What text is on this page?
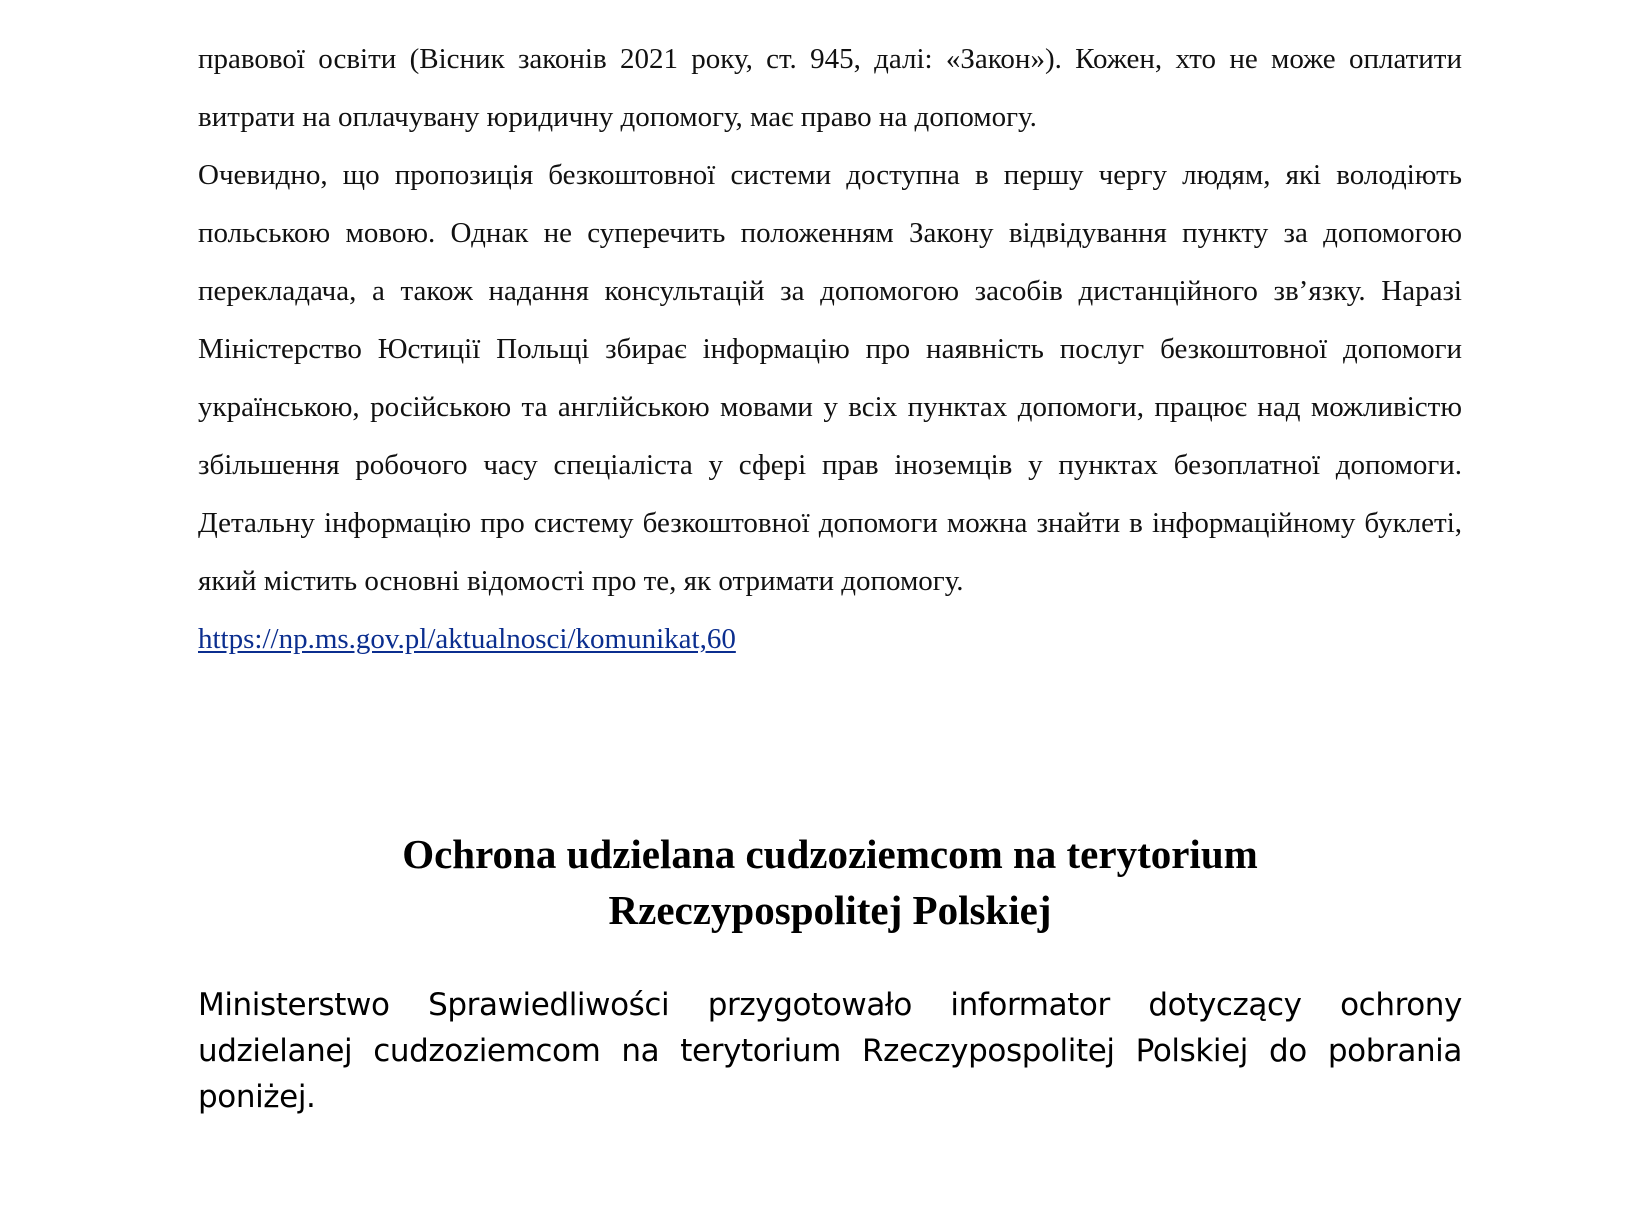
правової освіти (Вісник законів 2021 року, ст. 945, далі: «Закон»). Кожен, хто не може оплатити витрати на оплачувану юридичну допомогу, має право на допомогу.

Очевидно, що пропозиція безкоштовної системи доступна в першу чергу людям, які володіють польською мовою. Однак не суперечить положенням Закону відвідування пункту за допомогою перекладача, а також надання консультацій за допомогою засобів дистанційного зв’язку. Наразі Міністерство Юстиції Польщі збирає інформацію про наявність послуг безкоштовної допомоги українською, російською та англійською мовами у всіх пунктах допомоги, працює над можливістю збільшення робочого часу спеціаліста у сфері прав іноземців у пунктах безоплатної допомоги. Детальну інформацію про систему безкоштовної допомоги можна знайти в інформаційному буклеті, який містить основні відомості про те, як отримати допомогу.

https://np.ms.gov.pl/aktualnosci/komunikat,60

Ochrona udzielana cudzoziemcom na terytorium
Rzeczypospolitej Polskiej

Ministerstwo Sprawiedliwości przygotowało informator dotyczący ochrony udzielanej cudzoziemcom na terytorium Rzeczypospolitej Polskiej do pobrania poniżej.
